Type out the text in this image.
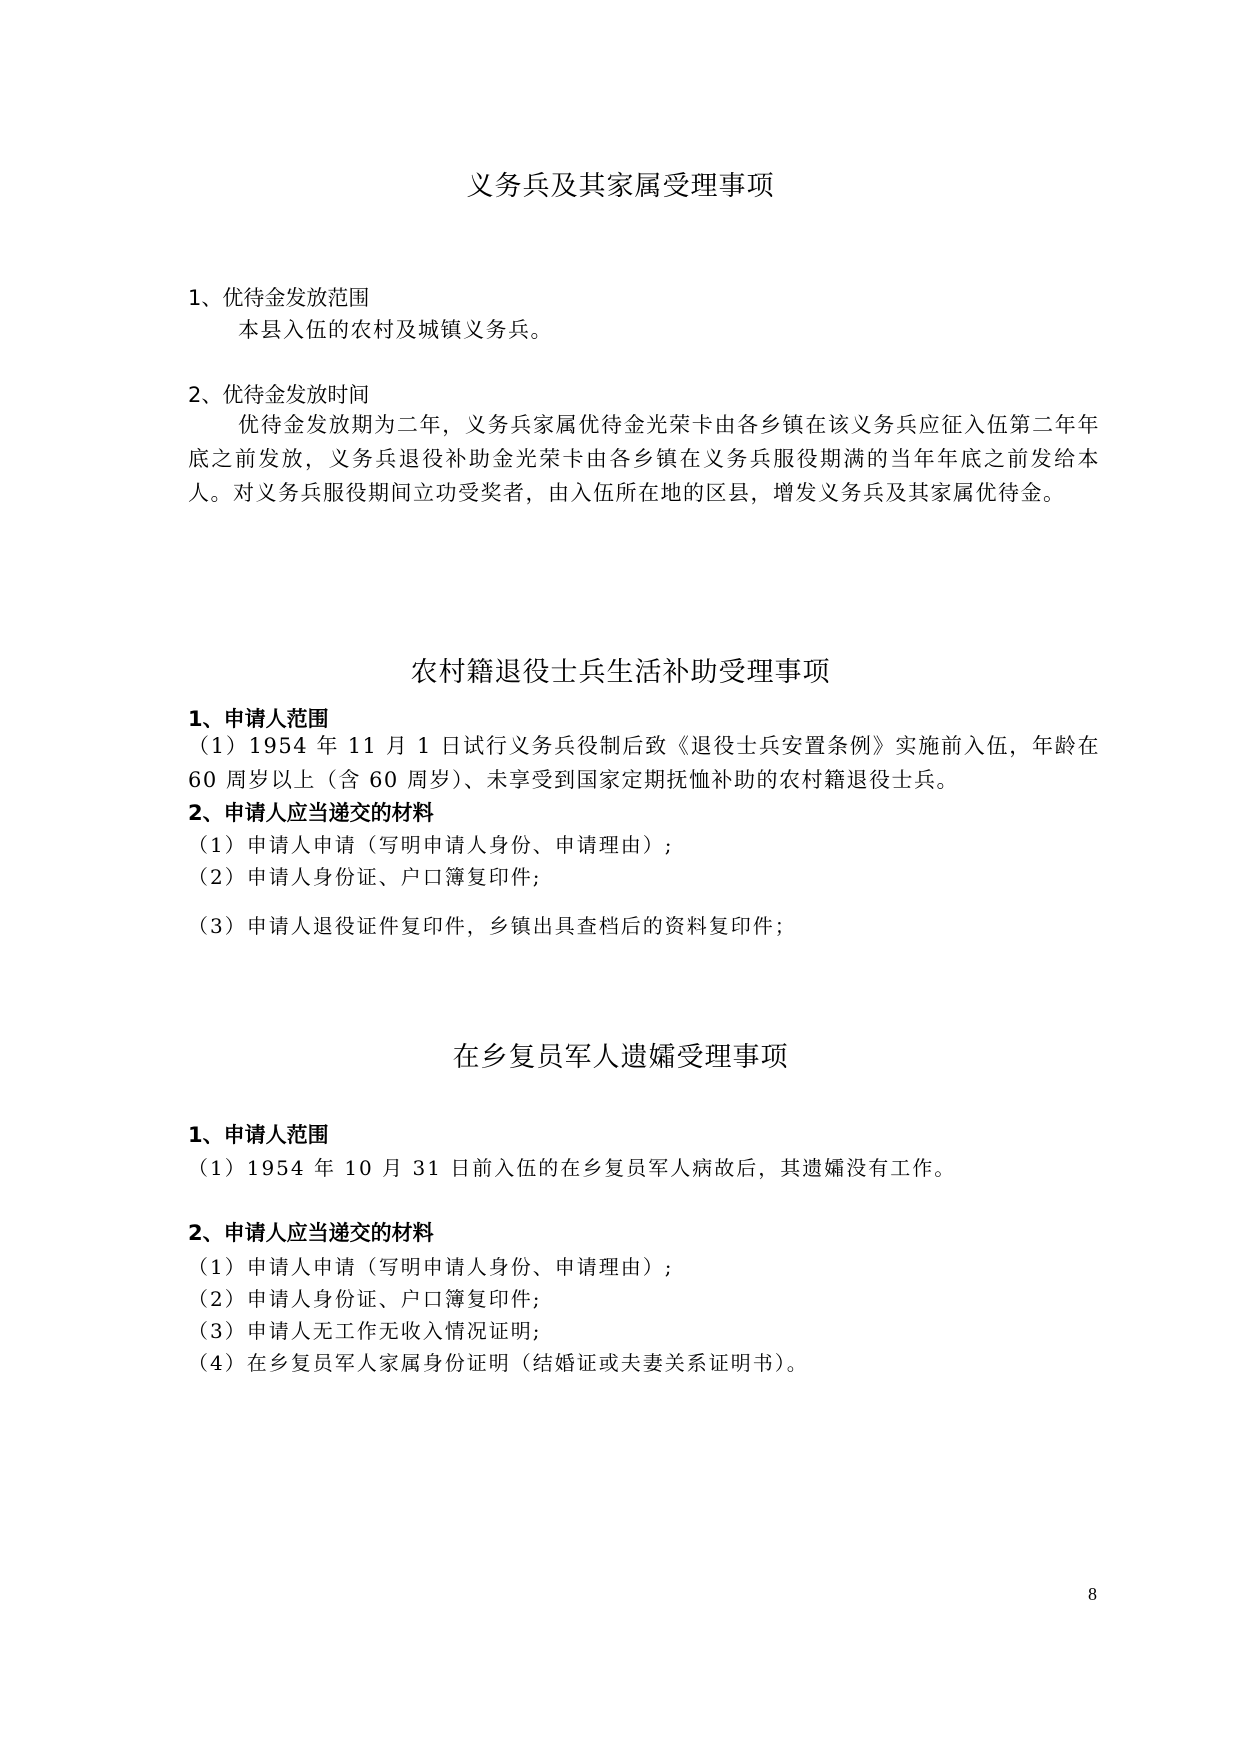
义务兵及其家属受理事项
1、优待金发放范围
本县入伍的农村及城镇义务兵。
2、优待金发放时间
优待金发放期为二年，义务兵家属优待金光荣卡由各乡镇在该义务兵应征入伍第二年年底之前发放，义务兵退役补助金光荣卡由各乡镇在义务兵服役期满的当年年底之前发给本人。对义务兵服役期间立功受奖者，由入伍所在地的区县，增发义务兵及其家属优待金。
农村籍退役士兵生活补助受理事项
1、申请人范围
（1）1954 年 11 月 1 日试行义务兵役制后致《退役士兵安置条例》实施前入伍，年龄在 60 周岁以上（含 60 周岁）、未享受到国家定期抚恤补助的农村籍退役士兵。
2、申请人应当递交的材料
（1）申请人申请（写明申请人身份、申请理由）;
（2）申请人身份证、户口簿复印件;
（3）申请人退役证件复印件，乡镇出具查档后的资料复印件；
在乡复员军人遗孀受理事项
1、申请人范围
（1）1954 年 10 月 31 日前入伍的在乡复员军人病故后，其遗孀没有工作。
2、申请人应当递交的材料
（1）申请人申请（写明申请人身份、申请理由）;
（2）申请人身份证、户口簿复印件;
（3）申请人无工作无收入情况证明;
（4）在乡复员军人家属身份证明（结婚证或夫妻关系证明书）。
8
